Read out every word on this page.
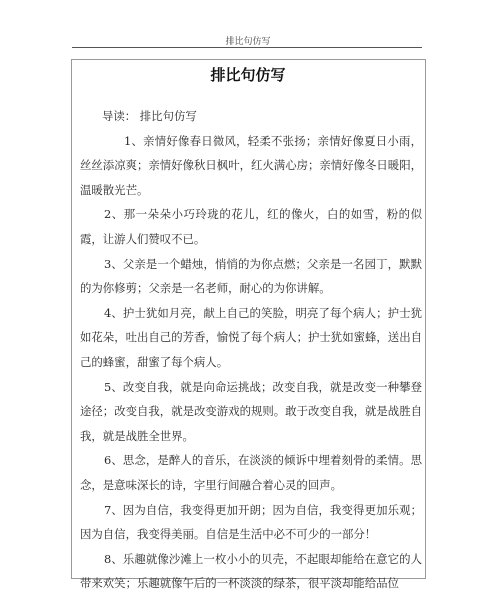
排比句仿写
排比句仿写

导读： 排比句仿写

1、亲情好像春日微风，轻柔不张扬；亲情好像夏日小雨，丝丝添凉爽；亲情好像秋日枫叶，红火满心房；亲情好像冬日暖阳，温暖散光芒。

2、那一朵朵小巧玲珑的花儿，红的像火，白的如雪，粉的似霞，让游人们赞叹不已。

3、父亲是一个蜡烛，悄悄的为你点燃；父亲是一名园丁，默默的为你修剪；父亲是一名老师，耐心的为你讲解。

4、护士犹如月亮，献上自己的笑脸，明亮了每个病人；护士犹如花朵，吐出自己的芳香，愉悦了每个病人；护士犹如蜜蜂，送出自己的蜂蜜，甜蜜了每个病人。

5、改变自我，就是向命运挑战；改变自我，就是改变一种攀登途径；改变自我，就是改变游戏的规则。敢于改变自我，就是战胜自我，就是战胜全世界。

6、思念，是醉人的音乐，在淡淡的倾诉中埋着刻骨的柔情。思念，是意味深长的诗，字里行间融合着心灵的回声。

7、因为自信，我变得更加开朗；因为自信，我变得更加乐观；因为自信，我变得美丽。自信是生活中必不可少的一部分！

8、乐趣就像沙滩上一枚小小的贝壳，不起眼却能给在意它的人带来欢笑；乐趣就像午后的一杯淡淡的绿茶，很平淡却能给品位
